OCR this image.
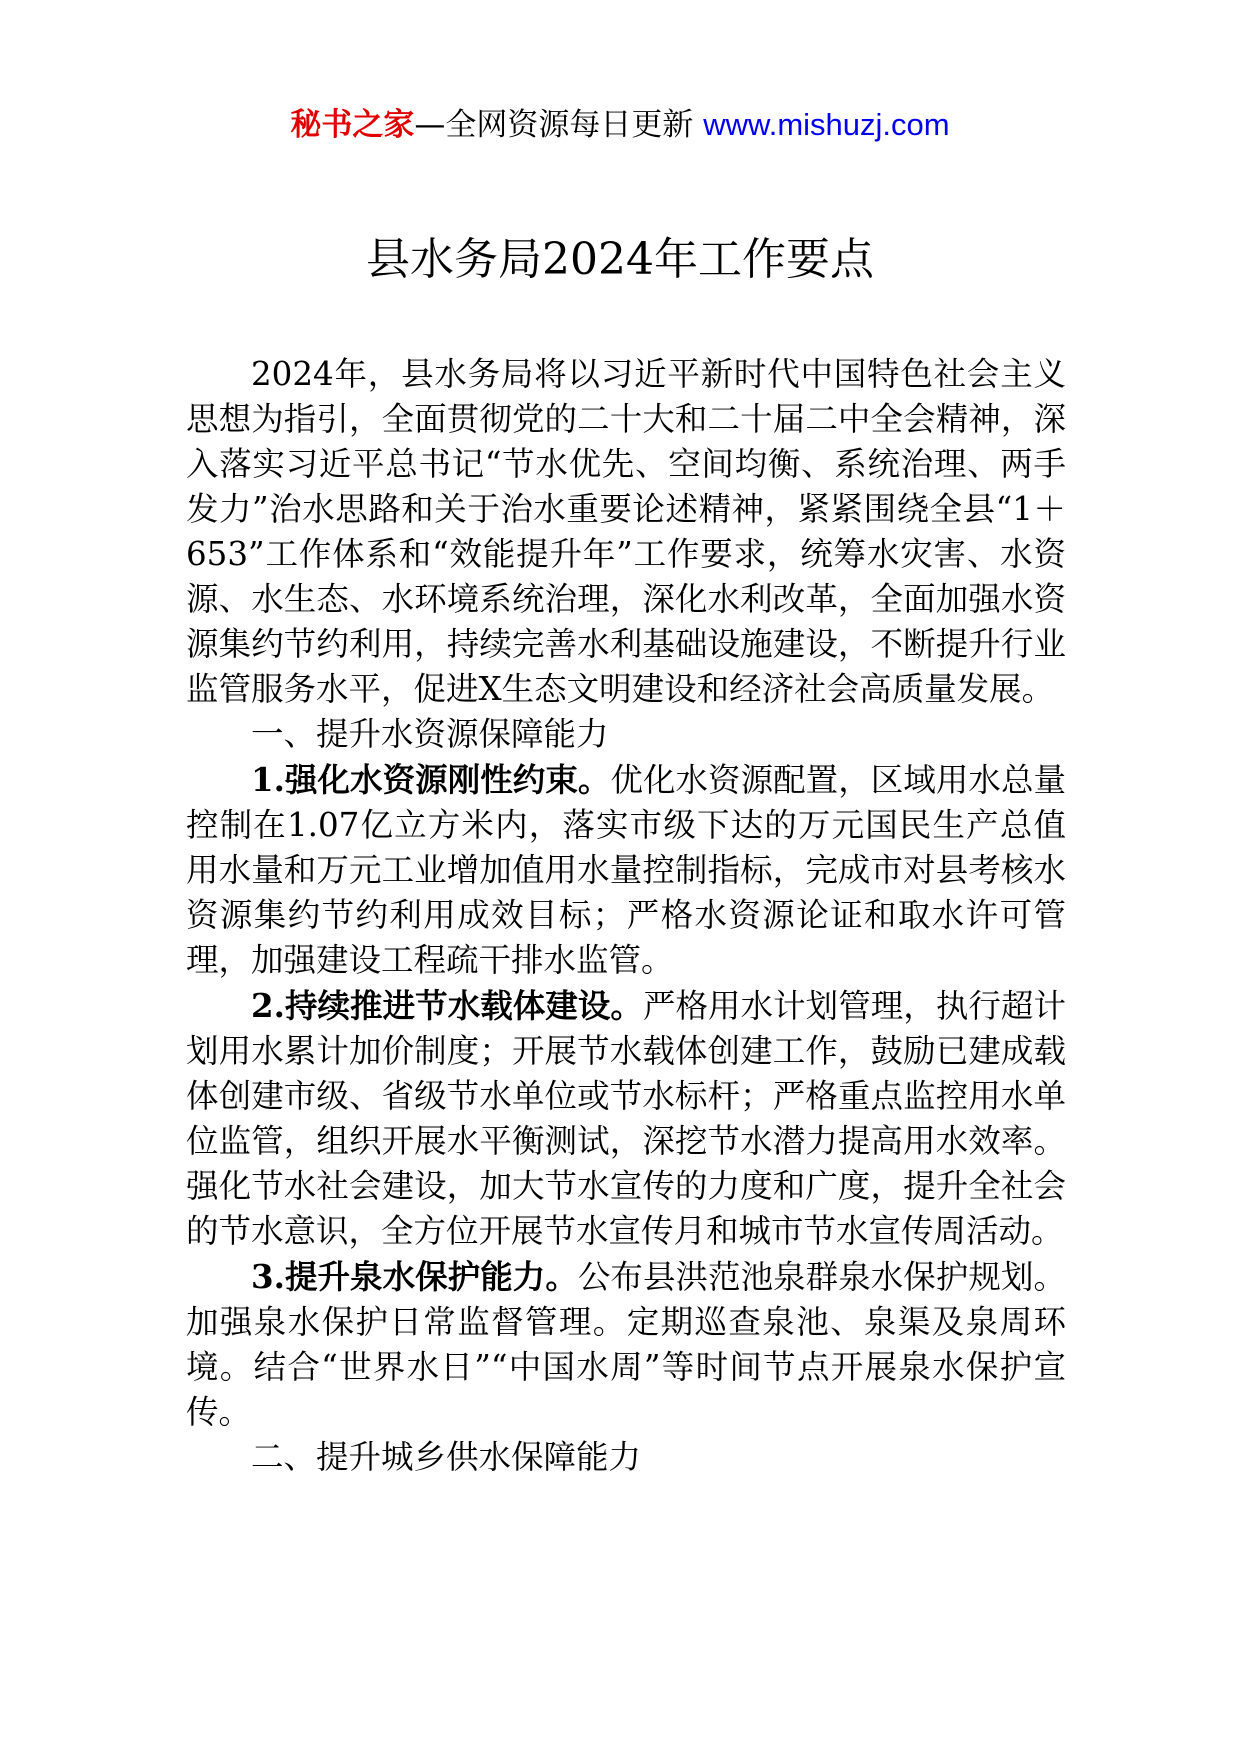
秘书之家—全网资源每日更新 www.mishuzj.com
县水务局2024年工作要点

2024年，县水务局将以习近平新时代中国特色社会主义思想为指引，全面贯彻党的二十大和二十届二中全会精神，深入落实习近平总书记“节水优先、空间均衡、系统治理、两手发力”治水思路和关于治水重要论述精神，紧紧围绕全县“1＋653”工作体系和“效能提升年”工作要求，统筹水灾害、水资源、水生态、水环境系统治理，深化水利改革，全面加强水资源集约节约利用，持续完善水利基础设施建设，不断提升行业监管服务水平，促进X生态文明建设和经济社会高质量发展。

一、提升水资源保障能力

1.强化水资源刚性约束。优化水资源配置，区域用水总量控制在1.07亿立方米内，落实市级下达的万元国民生产总值用水量和万元工业增加值用水量控制指标，完成市对县考核水资源集约节约利用成效目标；严格水资源论证和取水许可管理，加强建设工程疏干排水监管。

2.持续推进节水载体建设。严格用水计划管理，执行超计划用水累计加价制度；开展节水载体创建工作，鼓励已建成载体创建市级、省级节水单位或节水标杆；严格重点监控用水单位监管，组织开展水平衡测试，深挖节水潜力提高用水效率。强化节水社会建设，加大节水宣传的力度和广度，提升全社会的节水意识，全方位开展节水宣传月和城市节水宣传周活动。

3.提升泉水保护能力。公布县洪范池泉群泉水保护规划。加强泉水保护日常监督管理。定期巡查泉池、泉渠及泉周环境。结合“世界水日”“中国水周”等时间节点开展泉水保护宣传。

二、提升城乡供水保障能力
